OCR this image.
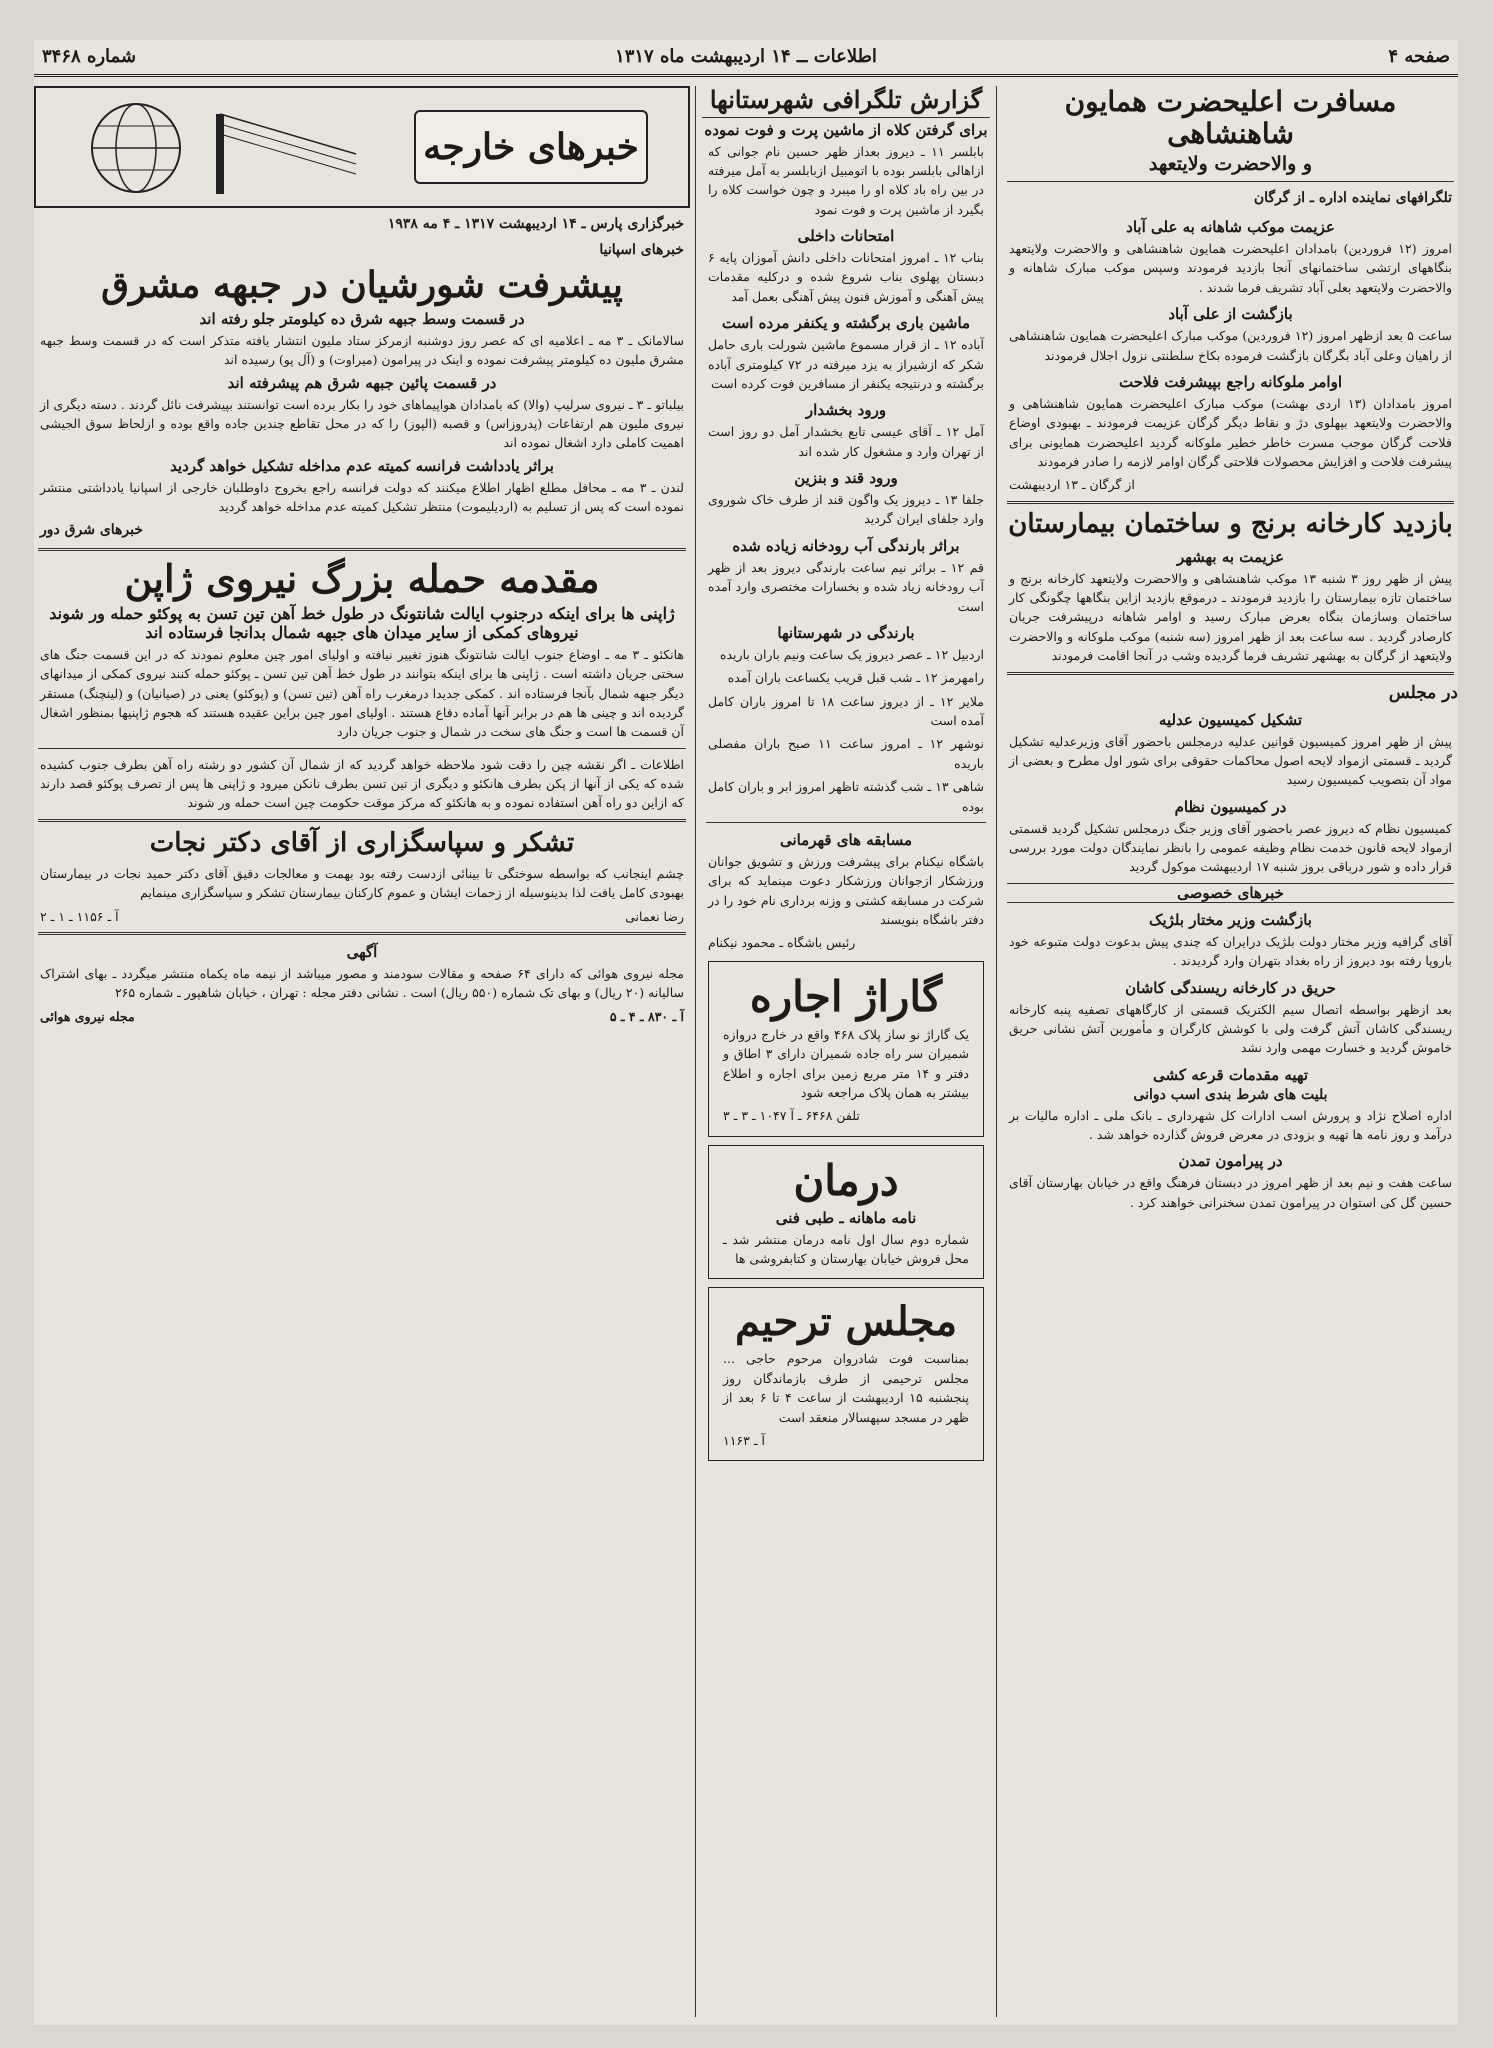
صفحه ۴
اطلاعات ــ ۱۴ اردیبهشت ماه ۱۳۱۷
شماره ۳۴۶۸
مسافرت اعلیحضرت همایون شاهنشاهی
و والاحضرت ولایتعهد
تلگرافهای نماینده اداره ـ از گرگان
عزیمت موکب شاهانه به علی آباد
امروز (۱۲ فروردین) بامدادان اعلیحضرت همایون شاهنشاهی و والاحضرت ولایتعهد بنگاههای ارتشی ساختمانهای آنجا بازدید فرمودند وسپس موکب مبارک شاهانه و والاحضرت ولایتعهد بعلی آباد تشریف فرما شدند .
بازگشت از علی آباد
ساعت ۵ بعد ازظهر امروز (۱۲ فروردین) موکب مبارک اعلیحضرت همایون شاهنشاهی از راهیان وعلی آباد بگرگان بازگشت فرموده بکاخ سلطنتی نزول اجلال فرمودند
اوامر ملوکانه راجع بپیشرفت فلاحت
امروز بامدادان (۱۳ اردی بهشت) موکب مبارک اعلیحضرت همایون شاهنشاهی و والاحضرت ولایتعهد بپهلوی دژ و نقاط دیگر گرگان عزیمت فرمودند ـ بهبودی اوضاع فلاحت گرگان موجب مسرت خاطر خطیر ملوکانه گردید اعلیحضرت همایونی برای پیشرفت فلاحت و افزایش محصولات فلاحتی گرگان اوامر لازمه را صادر فرمودند
از گرگان ـ ۱۳ اردیبهشت
بازدید کارخانه برنج و ساختمان بیمارستان
عزیمت به بهشهر
پیش از ظهر روز ۳ شنبه ۱۳ موکب شاهنشاهی و والاحضرت ولایتعهد کارخانه برنج و ساختمان تازه بیمارستان را بازدید فرمودند ـ درموقع بازدید ازاین بنگاهها چگونگی کار ساختمان وسازمان بنگاه بعرض مبارک رسید و اوامر شاهانه درپیشرفت جریان کارصادر گردید . سه ساعت بعد از ظهر امروز (سه شنبه) موکب ملوکانه و والاحضرت ولایتعهد از گرگان به بهشهر تشریف فرما گردیده وشب در آنجا اقامت فرمودند
در مجلس
تشکیل کمیسیون عدلیه
پیش از ظهر امروز کمیسیون قوانین عدلیه درمجلس باحضور آقای وزیرعدلیه تشکیل گردید ـ قسمتی ازمواد لایحه اصول محاکمات حقوقی برای شور اول مطرح و بعضی از مواد آن بتصویب کمیسیون رسید
در کمیسیون نظام
کمیسیون نظام که دیروز عصر باحضور آقای وزیر جنگ درمجلس تشکیل گردید قسمتی ازمواد لایحه قانون خدمت نظام وظیفه عمومی را بانظر نمایندگان دولت مورد بررسی قرار داده و شور درباقی بروز شنبه ۱۷ اردیبهشت موکول گردید
خبرهای خصوصی
بازگشت وزیر مختار بلژیک
آقای گرافیه وزیر مختار دولت بلژیک درایران که چندی پیش بدعوت دولت متبوعه خود باروپا رفته بود دیروز از راه بغداد بتهران وارد گردیدند .
حریق در کارخانه ریسندگی کاشان
بعد ازظهر بواسطه اتصال سیم الکتریک قسمتی از کارگاههای تصفیه پنبه کارخانه ریسندگی کاشان آتش گرفت ولی با کوشش کارگران و مأمورین آتش نشانی حریق خاموش گردید و خسارت مهمی وارد نشد
تهیه مقدمات قرعه کشی
بلیت های شرط بندی اسب دوانی
اداره اصلاح نژاد و پرورش اسب ادارات کل شهرداری ـ بانک ملی ـ اداره مالیات بر درآمد و روز نامه ها تهیه و بزودی در معرض فروش گذارده خواهد شد .
در پیرامون تمدن
ساعت هفت و نیم بعد از ظهر امروز در دبستان فرهنگ واقع در خیابان بهارستان آقای حسین گل کی استوان در پیرامون تمدن سخنرانی خواهند کرد .
گزارش تلگرافی شهرستانها
برای گرفتن کلاه از ماشین پرت و فوت نموده
بابلسر ۱۱ ـ دیروز بعداز ظهر حسین نام جوانی که ازاهالی بابلسر بوده با اتومبیل ازبابلسر به آمل میرفته در بین راه باد کلاه او را میبرد و چون خواست کلاه را بگیرد از ماشین پرت و فوت نمود
امتحانات داخلی
بناب ۱۲ ـ امروز امتحانات داخلی دانش آموزان پایه ۶ دبستان پهلوی بناب شروع شده و درکلیه مقدمات پیش آهنگی و آموزش فنون پیش آهنگی بعمل آمد
ماشین باری برگشته و یکنفر مرده است
آباده ۱۲ ـ از قرار مسموع ماشین شورلت باری حامل شکر که ازشیراز به یزد میرفته در ۷۲ کیلومتری آباده برگشته و درنتیجه یکنفر از مسافرین فوت کرده است
ورود بخشدار
آمل ۱۲ ـ آقای عیسی تابع بخشدار آمل دو روز است از تهران وارد و مشغول کار شده اند
ورود قند و بنزین
جلفا ۱۳ ـ دیروز یک واگون قند از طرف خاک شوروی وارد جلفای ایران گردید
براثر بارندگی آب رودخانه زیاده شده
قم ۱۲ ـ براثر نیم ساعت بارندگی دیروز بعد از ظهر آب رودخانه زیاد شده و بخسارات مختصری وارد آمده است
بارندگی در شهرستانها
اردبیل ۱۲ ـ عصر دیروز یک ساعت ونیم باران باریده
رامهرمز ۱۲ ـ شب قبل قریب یکساعت باران آمده
ملایر ۱۲ ـ از دیروز ساعت ۱۸ تا امروز باران کامل آمده است
نوشهر ۱۲ ـ امروز ساعت ۱۱ صبح باران مفصلی باریده
شاهی ۱۳ ـ شب گذشته تاظهر امروز ابر و باران کامل بوده
مسابقه های قهرمانی
باشگاه نیکنام برای پیشرفت ورزش و تشویق جوانان ورزشکار ازجوانان ورزشکار دعوت مینماید که برای شرکت در مسابقه کشتی و وزنه برداری نام خود را در دفتر باشگاه بنویسند
رئیس باشگاه ـ محمود نیکنام
گاراژ اجاره
یک گاراژ نو ساز پلاک ۴۶۸ واقع در خارج دروازه شمیران سر راه جاده شمیران دارای ۳ اطاق و دفتر و ۱۴ متر مربع زمین برای اجاره و اطلاع بیشتر به همان پلاک مراجعه شود
تلفن ۶۴۶۸ ـ آ ۱۰۴۷ ـ ۳ ـ ۳
درمان
نامه ماهانه ـ طبی فنی
شماره دوم سال اول نامه درمان منتشر شد ـ محل فروش خیابان بهارستان و کتابفروشی ها
مجلس ترحیم
بمناسبت فوت شادروان مرحوم حاجی ... مجلس ترحیمی از طرف بازماندگان روز پنجشنبه ۱۵ اردیبهشت از ساعت ۴ تا ۶ بعد از ظهر در مسجد سپهسالار منعقد است
آ ـ ۱۱۶۳
خبرهای خارجه
خبرگزاری پارس ـ ۱۴ اردیبهشت ۱۳۱۷ ـ ۴ مه ۱۹۳۸
خبرهای اسپانیا
پیشرفت شورشیان در جبهه مشرق
در قسمت وسط جبهه شرق ده کیلومتر جلو رفته اند
سالامانک ـ ۳ مه ـ اعلامیه ای که عصر روز دوشنبه ازمرکز ستاد ملیون انتشار یافته متذکر است که در قسمت وسط جبهه مشرق ملیون ده کیلومتر پیشرفت نموده و اینک در پیرامون (میراوت) و (آل پو) رسیده اند
در قسمت پائین جبهه شرق هم پیشرفته اند
بیلباتو ـ ۳ ـ نیروی سرلیپ (والا) که بامدادان هواپیماهای خود را بکار برده است توانستند بپیشرفت نائل گردند . دسته دیگری از نیروی ملیون هم ارتفاعات (پدروزاس) و قصبه (الپوز) را که در محل تقاطع چندین جاده واقع بوده و ازلحاظ سوق الجیشی اهمیت کاملی دارد اشغال نموده اند
براثر یادداشت فرانسه کمیته عدم مداخله تشکیل خواهد گردید
لندن ـ ۳ مه ـ محافل مطلع اظهار اطلاع میکنند که دولت فرانسه راجع بخروج داوطلبان خارجی از اسپانیا یادداشتی منتشر نموده است که پس از تسلیم به (اردیلیموت) منتظر تشکیل کمیته عدم مداخله خواهد گردید
خبرهای شرق دور
مقدمه حمله بزرگ نیروی ژاپن
ژاپنی ها برای اینکه درجنوب ایالت شانتونگ در طول خط آهن تین تسن به پوکئو حمله ور شوند نیروهای کمکی از سایر میدان های جبهه شمال بدانجا فرستاده اند
هانکئو ـ ۳ مه ـ اوضاع جنوب ایالت شانتونگ هنوز تغییر نیافته و اولیای امور چین معلوم نمودند که در این قسمت جنگ های سختی جریان داشته است . ژاپنی ها برای اینکه بتوانند در طول خط آهن تین تسن ـ پوکئو حمله کنند نیروی کمکی از میدانهای دیگر جبهه شمال بآنجا فرستاده اند . کمکی جدیدا درمغرب راه آهن (تین تسن) و (پوکئو) یعنی در (صیانیان) و (لینچنگ) مستقر گردیده اند و چینی ها هم در برابر آنها آماده دفاع هستند . اولیای امور چین براین عقیده هستند که هجوم ژاپنیها بمنظور اشغال آن قسمت ها است و جنگ های سخت در شمال و جنوب جریان دارد
اطلاعات ـ اگر نقشه چین را دقت شود ملاحظه خواهد گردید که از شمال آن کشور دو رشته راه آهن بطرف جنوب کشیده شده که یکی از آنها از پکن بطرف هانکئو و دیگری از تین تسن بطرف نانکن میرود و ژاپنی ها پس از تصرف پوکئو قصد دارند که ازاین دو راه آهن استفاده نموده و به هانکئو که مرکز موقت حکومت چین است حمله ور شوند
تشکر و سپاسگزاری از آقای دکتر نجات
چشم اینجانب که بواسطه سوختگی تا بینائی ازدست رفته بود بهمت و معالجات دقیق آقای دکتر حمید نجات در بیمارستان بهبودی کامل یافت لذا بدینوسیله از زحمات ایشان و عموم کارکنان بیمارستان تشکر و سپاسگزاری مینمایم
رضا نعمانی
آ ـ ۱۱۵۶ ـ ۱ ـ ۲
آگهی
مجله نیروی هوائی که دارای ۶۴ صفحه و مقالات سودمند و مصور میباشد از نیمه ماه یکماه منتشر میگردد ـ بهای اشتراک سالیانه (۲۰ ریال) و بهای تک شماره (۵۵۰ ریال) است . نشانی دفتر مجله : تهران ، خیابان شاهپور ـ شماره ۲۶۵
آ ـ ۸۳۰ ـ ۴ ـ ۵
مجله نیروی هوائی
